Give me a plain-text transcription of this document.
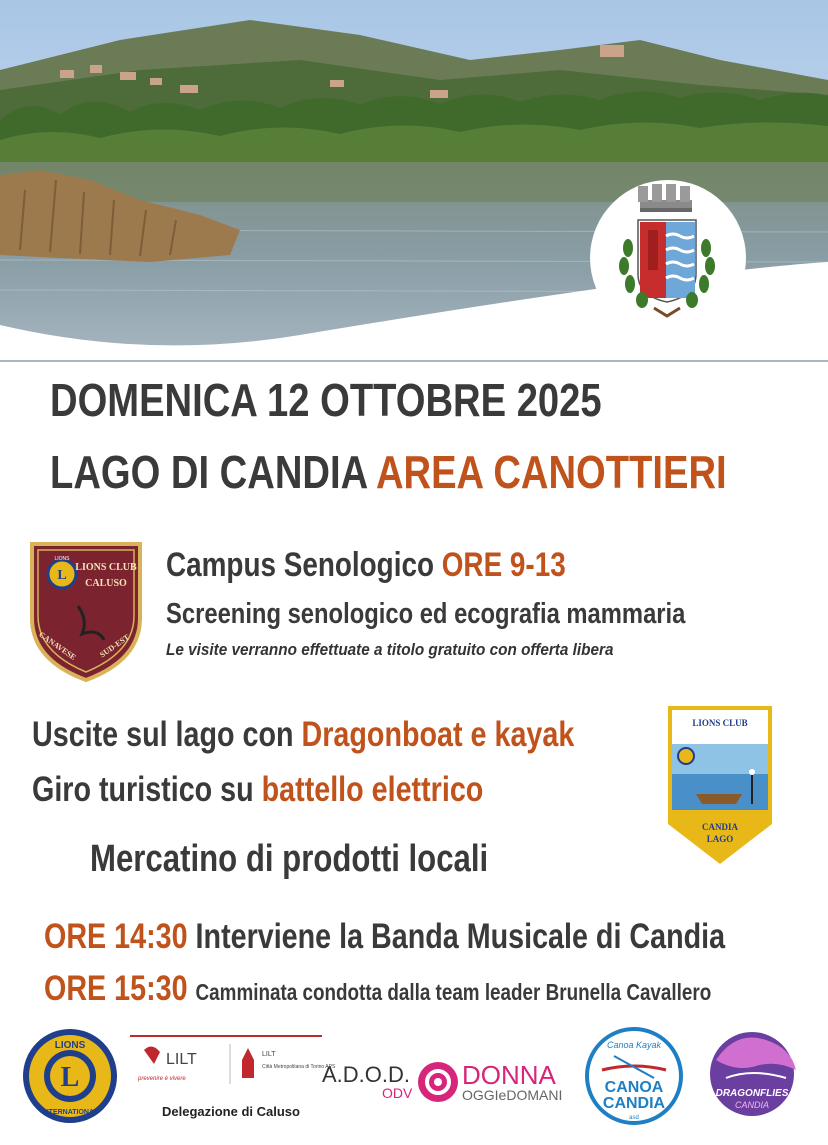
DOMENICA 12 OTTOBRE 2025
LAGO DI CANDIA AREA CANOTTIERI
L
LIONS
LIONS CLUB
CALUSO
CANAVESE	SUD-EST
Campus Senologico ORE 9-13
Screening senologico ed ecografia mammaria
Le visite verranno effettuate a titolo gratuito con offerta libera
Uscite sul lago con Dragonboat e kayak
Giro turistico su battello elettrico
Mercatino di prodotti locali
LIONS CLUB
CANDIA
LAGO
ORE 14:30 Interviene la Banda Musicale di Candia
ORE 15:30 Camminata condotta dalla team leader Brunella Cavallero
L
LIONS
INTERNATIONAL
LILT
prevenire è vivere
LILT
Città Metropolitana di Torino APS
Delegazione di Caluso
A.D.O.D.
ODV
DONNA
OGGIeDOMANI
Canoa Kayak
CANOA
CANDIA
asd
DRAGONFLIES
CANDIA
